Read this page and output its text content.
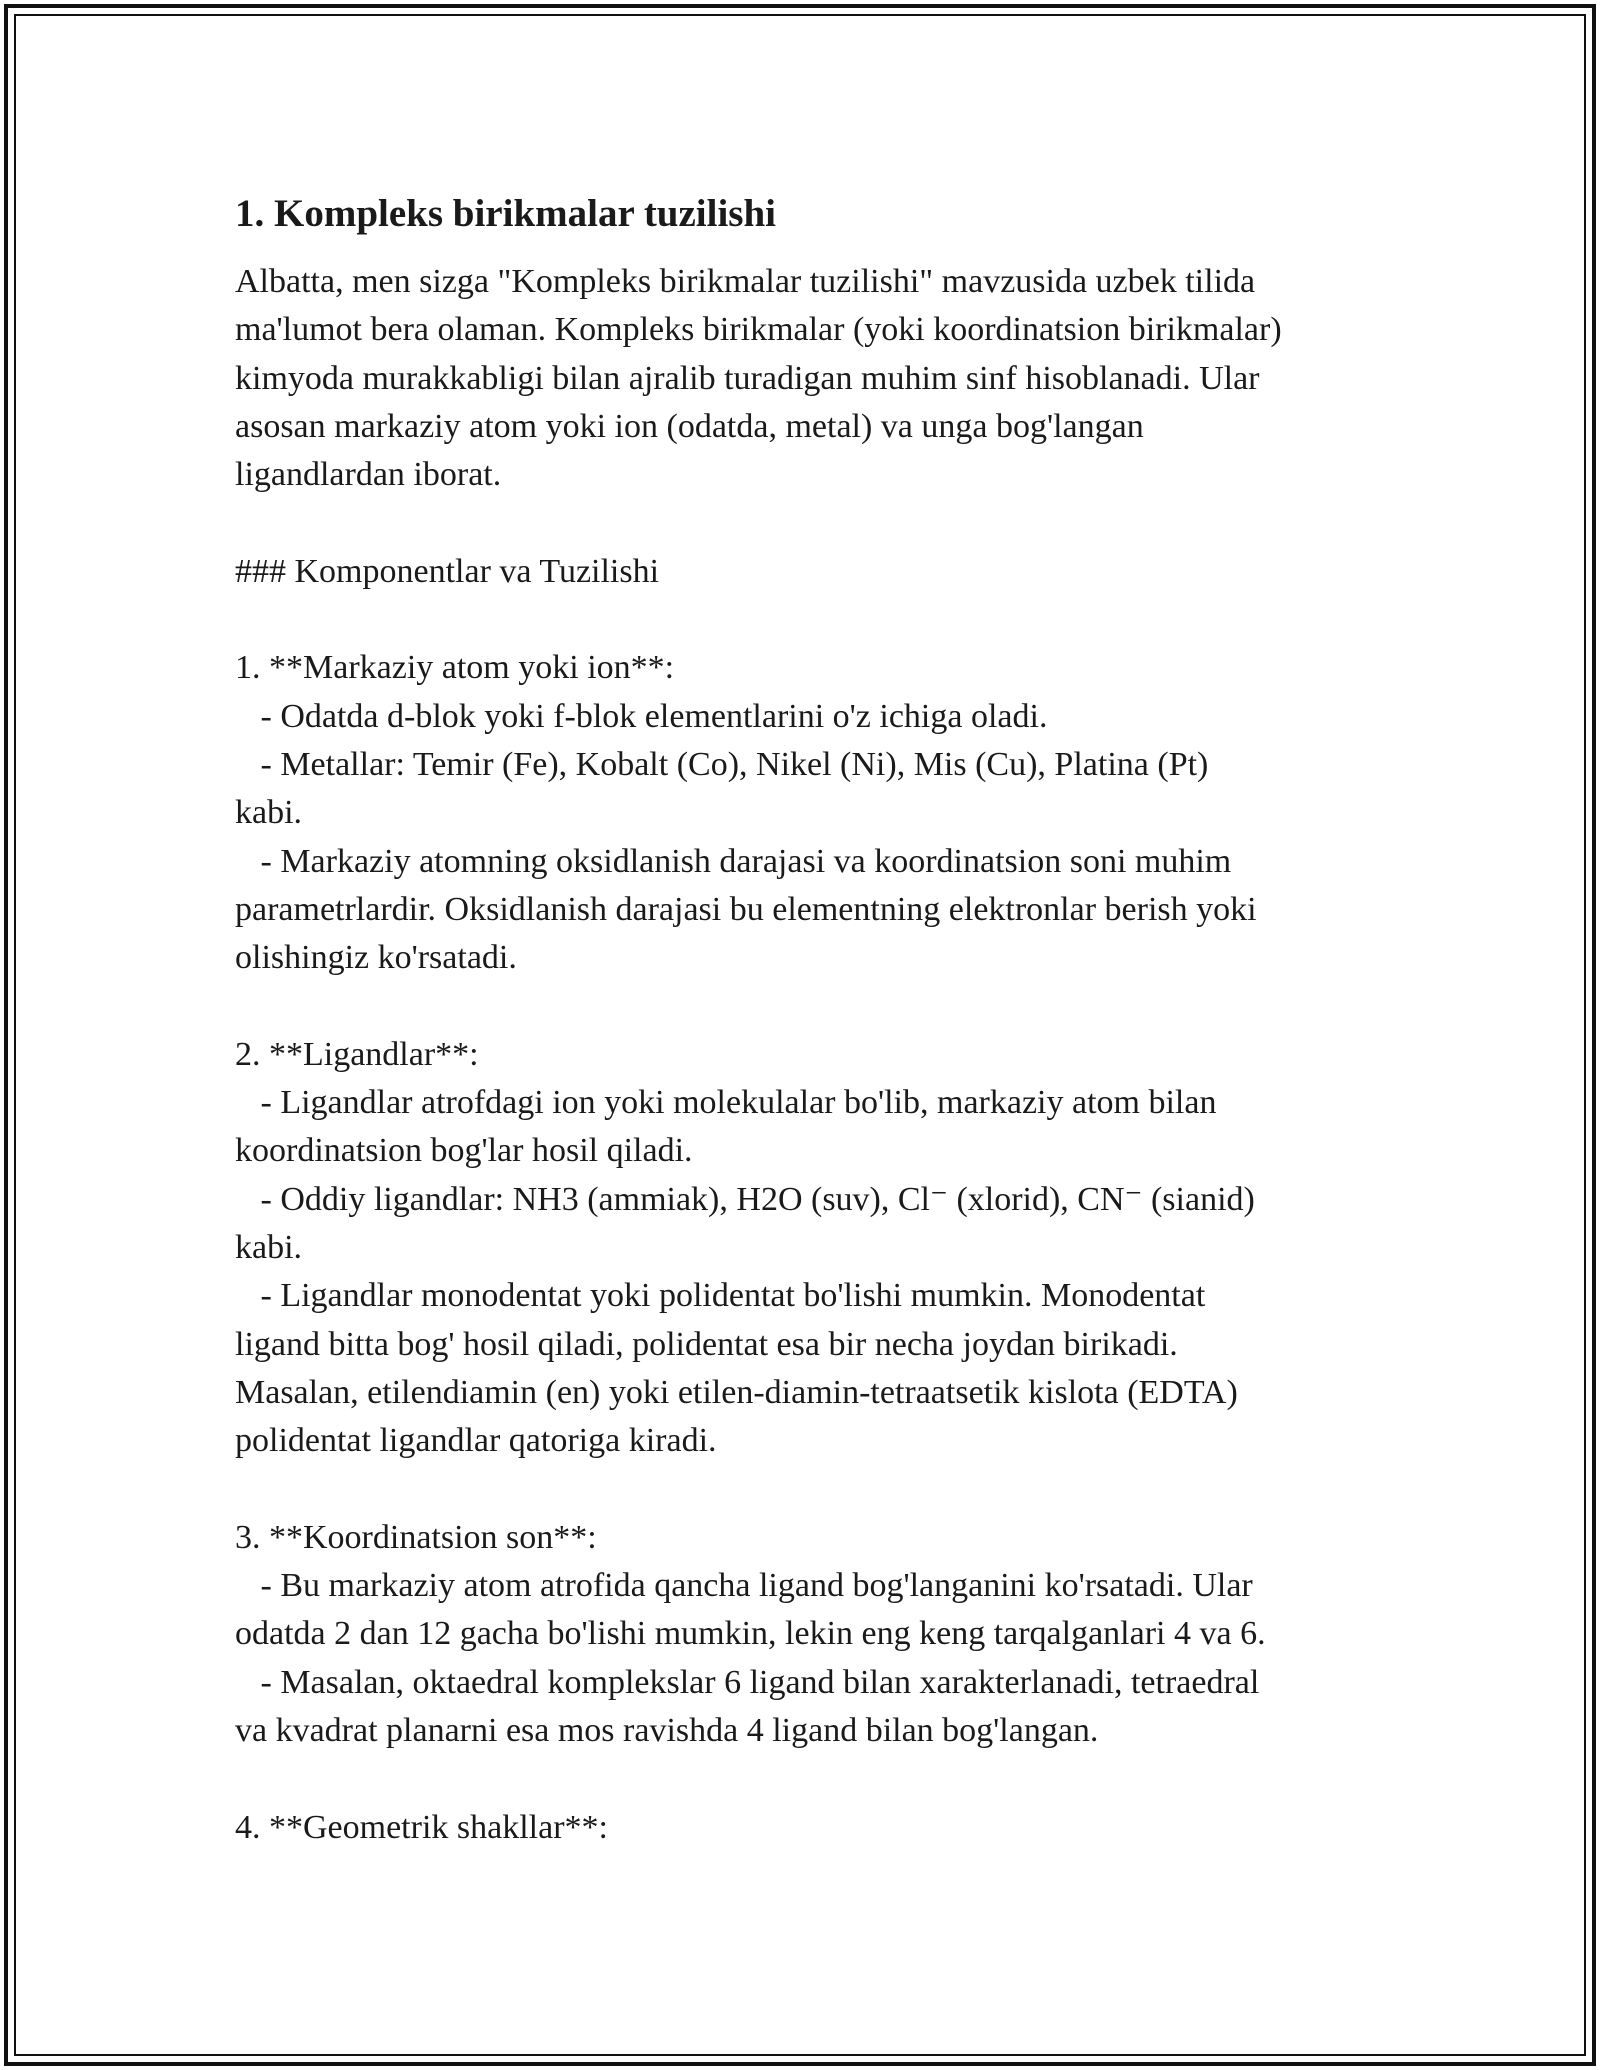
1. Kompleks birikmalar tuzilishi
Albatta, men sizga "Kompleks birikmalar tuzilishi" mavzusida uzbek tilida
ma'lumot bera olaman. Kompleks birikmalar (yoki koordinatsion birikmalar)
kimyoda murakkabligi bilan ajralib turadigan muhim sinf hisoblanadi. Ular
asosan markaziy atom yoki ion (odatda, metal) va unga bog'langan
ligandlardan iborat.
### Komponentlar va Tuzilishi
1. **Markaziy atom yoki ion**:
- Odatda d-blok yoki f-blok elementlarini o'z ichiga oladi.
- Metallar: Temir (Fe), Kobalt (Co), Nikel (Ni), Mis (Cu), Platina (Pt)
kabi.
- Markaziy atomning oksidlanish darajasi va koordinatsion soni muhim
parametrlardir. Oksidlanish darajasi bu elementning elektronlar berish yoki
olishingiz ko'rsatadi.
2. **Ligandlar**:
- Ligandlar atrofdagi ion yoki molekulalar bo'lib, markaziy atom bilan
koordinatsion bog'lar hosil qiladi.
- Oddiy ligandlar: NH3 (ammiak), H2O (suv), Cl⁻ (xlorid), CN⁻ (sianid)
kabi.
- Ligandlar monodentat yoki polidentat bo'lishi mumkin. Monodentat
ligand bitta bog' hosil qiladi, polidentat esa bir necha joydan birikadi.
Masalan, etilendiamin (en) yoki etilen-diamin-tetraatsetik kislota (EDTA)
polidentat ligandlar qatoriga kiradi.
3. **Koordinatsion son**:
- Bu markaziy atom atrofida qancha ligand bog'langanini ko'rsatadi. Ular
odatda 2 dan 12 gacha bo'lishi mumkin, lekin eng keng tarqalganlari 4 va 6.
- Masalan, oktaedral komplekslar 6 ligand bilan xarakterlanadi, tetraedral
va kvadrat planarni esa mos ravishda 4 ligand bilan bog'langan.
4. **Geometrik shakllar**:
